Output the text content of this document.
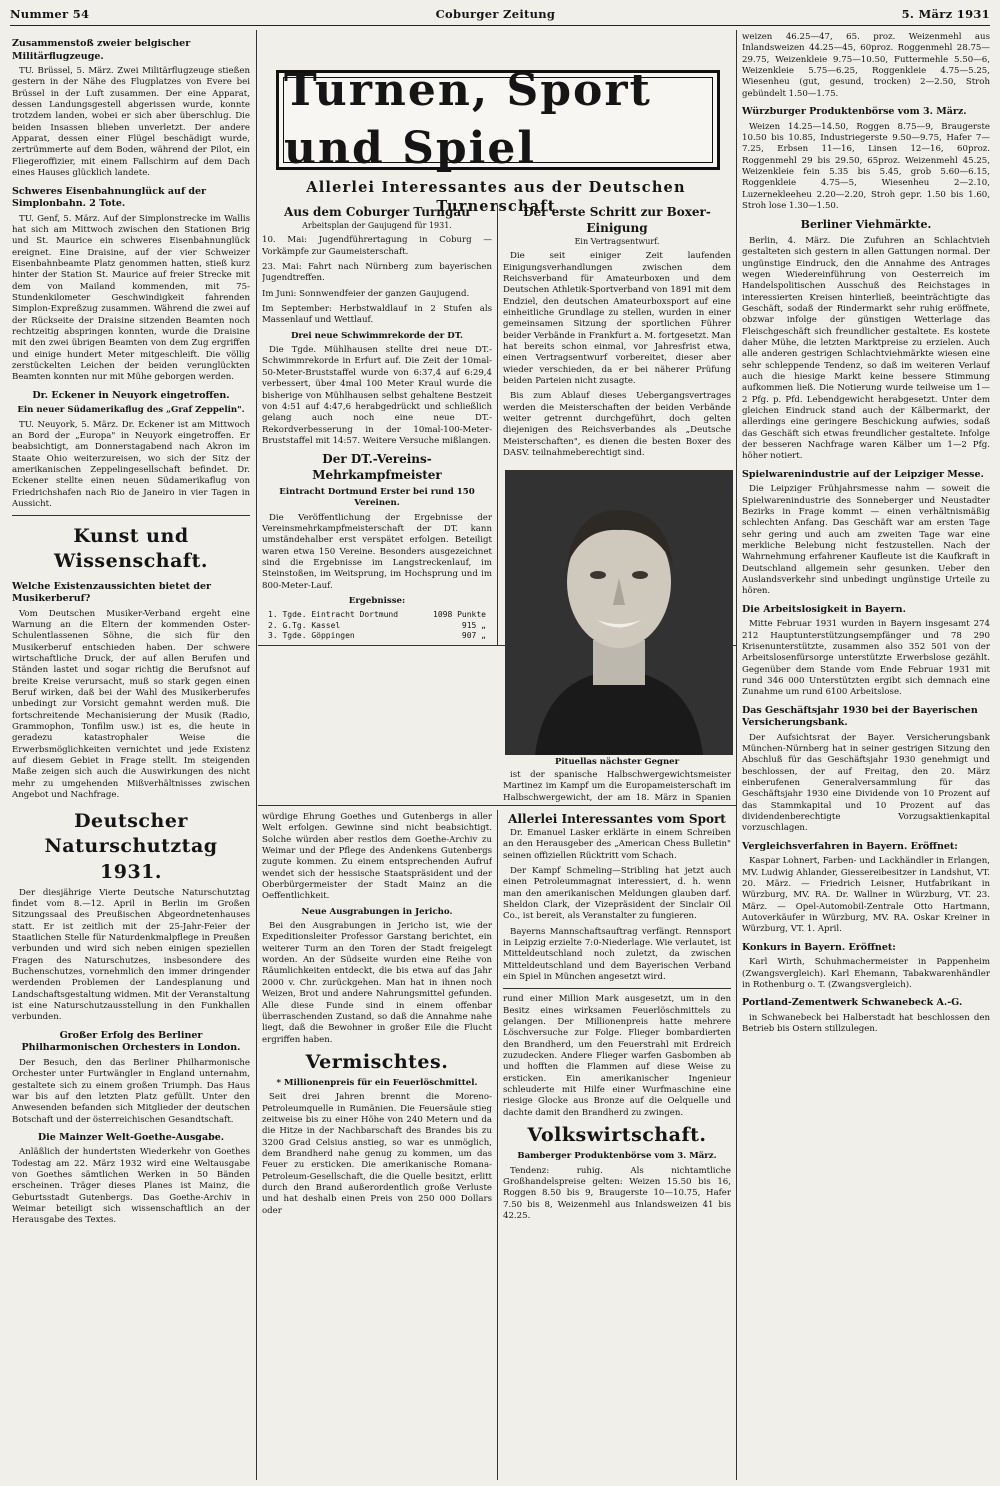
Nummer 54	Coburger Zeitung	5. März 1931
Turnen, Sport und Spiel
Allerlei Interessantes aus der Deutschen Turnerschaft
Zusammenstoß zweier belgischer Militärflugzeuge.

TU. Brüssel, 5. März. Zwei Militärflugzeuge stießen gestern in der Nähe des Flugplatzes von Evere bei Brüssel in der Luft zusammen. Der eine Apparat, dessen Landungsgestell abgerissen wurde, konnte trotzdem landen, wobei er sich aber überschlug. Die beiden Insassen blieben unverletzt. Der andere Apparat, dessen einer Flügel beschädigt wurde, zertrümmerte auf dem Boden, während der Pilot, ein Fliegeroffizier, mit einem Fallschirm auf dem Dach eines Hauses glücklich landete.

Schweres Eisenbahnunglück auf der Simplonbahn. 2 Tote.

TU. Genf, 5. März. Auf der Simplonstrecke im Wallis hat sich am Mittwoch zwischen den Stationen Brig und St. Maurice ein schweres Eisenbahnunglück ereignet. Eine Draisine, auf der vier Schweizer Eisenbahnbeamte Platz genommen hatten, stieß kurz hinter der Station St. Maurice auf freier Strecke mit dem von Mailand kommenden, mit 75-Stundenkilometer Geschwindigkeit fahrenden Simplon-Expreßzug zusammen. Während die zwei auf der Rückseite der Draisine sitzenden Beamten noch rechtzeitig abspringen konnten, wurde die Draisine mit den zwei übrigen Beamten von dem Zug ergriffen und einige hundert Meter mitgeschleift. Die völlig zerstückelten Leichen der beiden verunglückten Beamten konnten nur mit Mühe geborgen werden.

Dr. Eckener in Neuyork eingetroffen.
Ein neuer Südamerikaflug des „Graf Zeppelin".

TU. Neuyork, 5. März. Dr. Eckener ist am Mittwoch an Bord der „Europa" in Neuyork eingetroffen. Er beabsichtigt, am Donnerstagabend nach Akron im Staate Ohio weiterzureisen, wo sich der Sitz der amerikanischen Zeppelingesellschaft befindet. Dr. Eckener stellte einen neuen Südamerikaflug von Friedrichshafen nach Rio de Janeiro in vier Tagen in Aussicht.

Kunst und Wissenschaft.
Welche Existenzaussichten bietet der Musikerberuf?

Vom Deutschen Musiker-Verband ergeht eine Warnung an die Eltern der kommenden Oster-Schulentlassenen Söhne, die sich für den Musikerberuf entschieden haben. Der schwere wirtschaftliche Druck, der auf allen Berufen und Ständen lastet und sogar richtig die Berufsnot auf breite Kreise verursacht, muß so stark gegen einen Beruf wirken, daß bei der Wahl des Musikerberufes unbedingt zur Vorsicht gemahnt werden muß. Die fortschreitende Mechanisierung der Musik (Radio, Grammophon, Tonfilm usw.) ist es, die heute in geradezu katastrophaler Weise die Erwerbsmöglichkeiten vernichtet und jede Existenz auf diesem Gebiet in Frage stellt. Im steigenden Maße zeigen sich auch die Auswirkungen des nicht mehr zu umgehenden Mißverhältnisses zwischen Angebot und Nachfrage.

Deutscher Naturschutztag 1931.

Der diesjährige Vierte Deutsche Naturschutztag findet vom 8.—12. April in Berlin im Großen Sitzungssaal des Preußischen Abgeordnetenhauses statt. Er ist zeitlich mit der 25-Jahr-Feier der Staatlichen Stelle für Naturdenkmalpflege in Preußen verbunden und wird sich neben einigen speziellen Fragen des Naturschutzes, insbesondere des Buchenschutzes, vornehmlich den immer dringender werdenden Problemen der Landesplanung und Landschaftsgestaltung widmen. Mit der Veranstaltung ist eine Naturschutzausstellung in den Funkhallen verbunden.

Großer Erfolg des Berliner Philharmonischen Orchesters in London.

Der Besuch, den das Berliner Philharmonische Orchester unter Furtwängler in England unternahm, gestaltete sich zu einem großen Triumph. Das Haus war bis auf den letzten Platz gefüllt. Unter den Anwesenden befanden sich Mitglieder der deutschen Botschaft und der österreichischen Gesandtschaft.

Die Mainzer Welt-Goethe-Ausgabe.

Anläßlich der hundertsten Wiederkehr von Goethes Todestag am 22. März 1932 wird eine Weltausgabe von Goethes sämtlichen Werken in 50 Bänden erscheinen. Träger dieses Planes ist Mainz, die Geburtsstadt Gutenbergs. Das Goethe-Archiv in Weimar beteiligt sich wissenschaftlich an der Herausgabe des Textes.

Aus dem Coburger Turngau
Arbeitsplan der Gaujugend für 1931.

10. Mai: Jugendführertagung in Coburg — Vorkämpfe zur Gaumeisterschaft.

23. Mai: Fahrt nach Nürnberg zum bayerischen Jugendtreffen.

Im Juni: Sonnwendfeier der ganzen Gaujugend.

Im September: Herbstwaldlauf in 2 Stufen als Massenlauf und Wettlauf.

Drei neue Schwimmrekorde der DT.

Die Tgde. Mühlhausen stellte drei neue DT.-Schwimmrekorde in Erfurt auf. Die Zeit der 10mal-50-Meter-Bruststaffel wurde von 6:37,4 auf 6:29,4 verbessert, über 4mal 100 Meter Kraul wurde die bisherige von Mühlhausen selbst gehaltene Bestzeit von 4:51 auf 4:47,6 herabgedrückt und schließlich gelang auch noch eine neue DT.-Rekordverbesserung in der 10mal-100-Meter-Bruststaffel mit 14:57. Weitere Versuche mißlangen.

Der DT.-Vereins-Mehrkampfmeister
Eintracht Dortmund Erster bei rund 150 Vereinen.

Die Veröffentlichung der Ergebnisse der Vereinsmehrkampfmeisterschaft der DT. kann umständehalber erst verspätet erfolgen. Beteiligt waren etwa 150 Vereine. Besonders ausgezeichnet sind die Ergebnisse im Langstreckenlauf, im Steinstoßen, im Weitsprung, im Hochsprung und im 800-Meter-Lauf.

Ergebnisse:
1. Tgde. Eintracht Dortmund	1098 Punkte
2. G.Tg. Kassel	915 „
3. Tgde. Göppingen	907 „

Der erste Schritt zur Boxer-Einigung
Ein Vertragsentwurf.

Die seit einiger Zeit laufenden Einigungsverhandlungen zwischen dem Reichsverband für Amateurboxen und dem Deutschen Athletik-Sportverband von 1891 mit dem Endziel, den deutschen Amateurboxsport auf eine einheitliche Grundlage zu stellen, wurden in einer gemeinsamen Sitzung der sportlichen Führer beider Verbände in Frankfurt a. M. fortgesetzt. Man hat bereits schon einmal, vor Jahresfrist etwa, einen Vertragsentwurf vorbereitet, dieser aber wieder verschieden, da er bei näherer Prüfung beiden Parteien nicht zusagte.

Bis zum Ablauf dieses Uebergangsvertrages werden die Meisterschaften der beiden Verbände weiter getrennt durchgeführt, doch gelten diejenigen des Reichsverbandes als „Deutsche Meisterschaften", es dienen die besten Boxer des DASV. teilnahmeberechtigt sind.

Pituellas nächster Gegner

ist der spanische Halbschwergewichtsmeister Martinez im Kampf um die Europameisterschaft im Halbschwergewicht, der am 18. März in Spanien

weizen 46.25—47, 65. proz. Weizenmehl aus Inlandsweizen 44.25—45, 60proz. Roggenmehl 28.75—29.75, Weizenkleie 9.75—10.50, Futtermehle 5.50—6, Weizenkleie 5.75—6.25, Roggenkleie 4.75—5.25, Wiesenheu (gut, gesund, trocken) 2—2.50, Stroh gebündelt 1.50—1.75.

Würzburger Produktenbörse vom 3. März.

Weizen 14.25—14.50, Roggen 8.75—9, Braugerste 10.50 bis 10.85, Industriegerste 9.50—9.75, Hafer 7—7.25, Erbsen 11—16, Linsen 12—16, 60proz. Roggenmehl 29 bis 29.50, 65proz. Weizenmehl 45.25, Weizenkleie fein 5.35 bis 5.45, grob 5.60—6.15, Roggenkleie 4.75—5, Wiesenheu 2—2.10, Luzernekleeheu 2.20—2.20, Stroh gepr. 1.50 bis 1.60, Stroh lose 1.30—1.50.

Berliner Viehmärkte.

Berlin, 4. März. Die Zufuhren an Schlachtvieh gestalteten sich gestern in allen Gattungen normal. Der ungünstige Eindruck, den die Annahme des Antrages wegen Wiedereinführung von Oesterreich im Handelspolitischen Ausschuß des Reichstages in interessierten Kreisen hinterließ, beeinträchtigte das Geschäft, sodaß der Rindermarkt sehr ruhig eröffnete, obzwar infolge der günstigen Wetterlage das Fleischgeschäft sich freundlicher gestaltete. Es kostete daher Mühe, die letzten Marktpreise zu erzielen. Auch alle anderen gestrigen Schlachtviehmärkte wiesen eine sehr schleppende Tendenz, so daß im weiteren Verlauf auch die hiesige Markt keine bessere Stimmung aufkommen ließ. Die Notierung wurde teilweise um 1—2 Pfg. p. Pfd. Lebendgewicht herabgesetzt. Unter dem gleichen Eindruck stand auch der Kälbermarkt, der allerdings eine geringere Beschickung aufwies, sodaß das Geschäft sich etwas freundlicher gestaltete. Infolge der besseren Nachfrage waren Kälber um 1—2 Pfg. höher notiert.

Spielwarenindustrie auf der Leipziger Messe.

Die Leipziger Frühjahrsmesse nahm — soweit die Spielwarenindustrie des Sonneberger und Neustadter Bezirks in Frage kommt — einen verhältnismäßig schlechten Anfang. Das Geschäft war am ersten Tage sehr gering und auch am zweiten Tage war eine merkliche Belebung nicht festzustellen. Nach der Wahrnehmung erfahrener Kaufleute ist die Kaufkraft in Deutschland allgemein sehr gesunken. Ueber den Auslandsverkehr sind unbedingt ungünstige Urteile zu hören.

Die Arbeitslosigkeit in Bayern.

Mitte Februar 1931 wurden in Bayern insgesamt 274 212 Hauptunterstützungsempfänger und 78 290 Krisenunterstützte, zusammen also 352 501 von der Arbeitslosenfürsorge unterstützte Erwerbslose gezählt. Gegenüber dem Stande vom Ende Februar 1931 mit rund 346 000 Unterstützten ergibt sich demnach eine Zunahme um rund 6100 Arbeitslose.

Das Geschäftsjahr 1930 bei der Bayerischen Versicherungsbank.

Der Aufsichtsrat der Bayer. Versicherungsbank München-Nürnberg hat in seiner gestrigen Sitzung den Abschluß für das Geschäftsjahr 1930 genehmigt und beschlossen, der auf Freitag, den 20. März einberufenen Generalversammlung für das Geschäftsjahr 1930 eine Dividende von 10 Prozent auf das Stammkapital und 10 Prozent auf das dividendenberechtigte Vorzugsaktienkapital vorzuschlagen.

Vergleichsverfahren in Bayern. Eröffnet:

Kaspar Lohnert, Farben- und Lackhändler in Erlangen, MV. Ludwig Ahlander, Giessereibesitzer in Landshut, VT. 20. März. — Friedrich Leisner, Hutfabrikant in Würzburg, MV. RA. Dr. Wallner in Würzburg, VT. 23. März. — Opel-Automobil-Zentrale Otto Hartmann, Autoverkäufer in Würzburg, MV. RA. Oskar Kreiner in Würzburg, VT. 1. April.

Konkurs in Bayern. Eröffnet:

Karl Wirth, Schuhmachermeister in Pappenheim (Zwangsvergleich). Karl Ehemann, Tabakwarenhändler in Rothenburg o. T. (Zwangsvergleich).

Portland-Zementwerk Schwanebeck A.-G.

in Schwanebeck bei Halberstadt hat beschlossen den Betrieb bis Ostern stillzulegen.

würdige Ehrung Goethes und Gutenbergs in aller Welt erfolgen. Gewinne sind nicht beabsichtigt. Solche würden aber restlos dem Goethe-Archiv zu Weimar und der Pflege des Andenkens Gutenbergs zugute kommen. Zu einem entsprechenden Aufruf wendet sich der hessische Staatspräsident und der Oberbürgermeister der Stadt Mainz an die Oeffentlichkeit.

Neue Ausgrabungen in Jericho.

Bei den Ausgrabungen in Jericho ist, wie der Expeditionsleiter Professor Garstang berichtet, ein weiterer Turm an den Toren der Stadt freigelegt worden. An der Südseite wurden eine Reihe von Räumlichkeiten entdeckt, die bis etwa auf das Jahr 2000 v. Chr. zurückgehen. Man hat in ihnen noch Weizen, Brot und andere Nahrungsmittel gefunden. Alle diese Funde sind in einem offenbar überraschenden Zustand, so daß die Annahme nahe liegt, daß die Bewohner in großer Eile die Flucht ergriffen haben.

Vermischtes.
* Millionenpreis für ein Feuerlöschmittel.

Seit drei Jahren brennt die Moreno-Petroleumquelle in Rumänien. Die Feuersäule stieg zeitweise bis zu einer Höhe von 240 Metern und da die Hitze in der Nachbarschaft des Brandes bis zu 3200 Grad Celsius anstieg, so war es unmöglich, dem Brandherd nahe genug zu kommen, um das Feuer zu ersticken. Die amerikanische Romana-Petroleum-Gesellschaft, die die Quelle besitzt, erlitt durch den Brand außerordentlich große Verluste und hat deshalb einen Preis von 250 000 Dollars oder

Allerlei Interessantes vom Sport

Dr. Emanuel Lasker erklärte in einem Schreiben an den Herausgeber des „American Chess Bulletin" seinen offiziellen Rücktritt vom Schach.

Der Kampf Schmeling—Stribling hat jetzt auch einen Petroleummagnat interessiert, d. h. wenn man den amerikanischen Meldungen glauben darf. Sheldon Clark, der Vizepräsident der Sinclair Oil Co., ist bereit, als Veranstalter zu fungieren.

Bayerns Mannschaftsauftrag verfängt. Rennsport in Leipzig erzielte 7:0-Niederlage. Wie verlautet, ist Mitteldeutschland noch zuletzt, da zwischen Mitteldeutschland und dem Bayerischen Verband ein Spiel in München angesetzt wird.

rund einer Million Mark ausgesetzt, um in den Besitz eines wirksamen Feuerlöschmittels zu gelangen. Der Millionenpreis hatte mehrere Löschversuche zur Folge. Flieger bombardierten den Brandherd, um den Feuerstrahl mit Erdreich zuzudecken. Andere Flieger warfen Gasbomben ab und hofften die Flammen auf diese Weise zu ersticken. Ein amerikanischer Ingenieur schleuderte mit Hilfe einer Wurfmaschine eine riesige Glocke aus Bronze auf die Oelquelle und dachte damit den Brandherd zu zwingen.

Volkswirtschaft.
Bamberger Produktenbörse vom 3. März.

Tendenz: ruhig. Als nichtamtliche Großhandelspreise gelten: Weizen 15.50 bis 16, Roggen 8.50 bis 9, Braugerste 10—10.75, Hafer 7.50 bis 8, Weizenmehl aus Inlandsweizen 41 bis 42.25.
